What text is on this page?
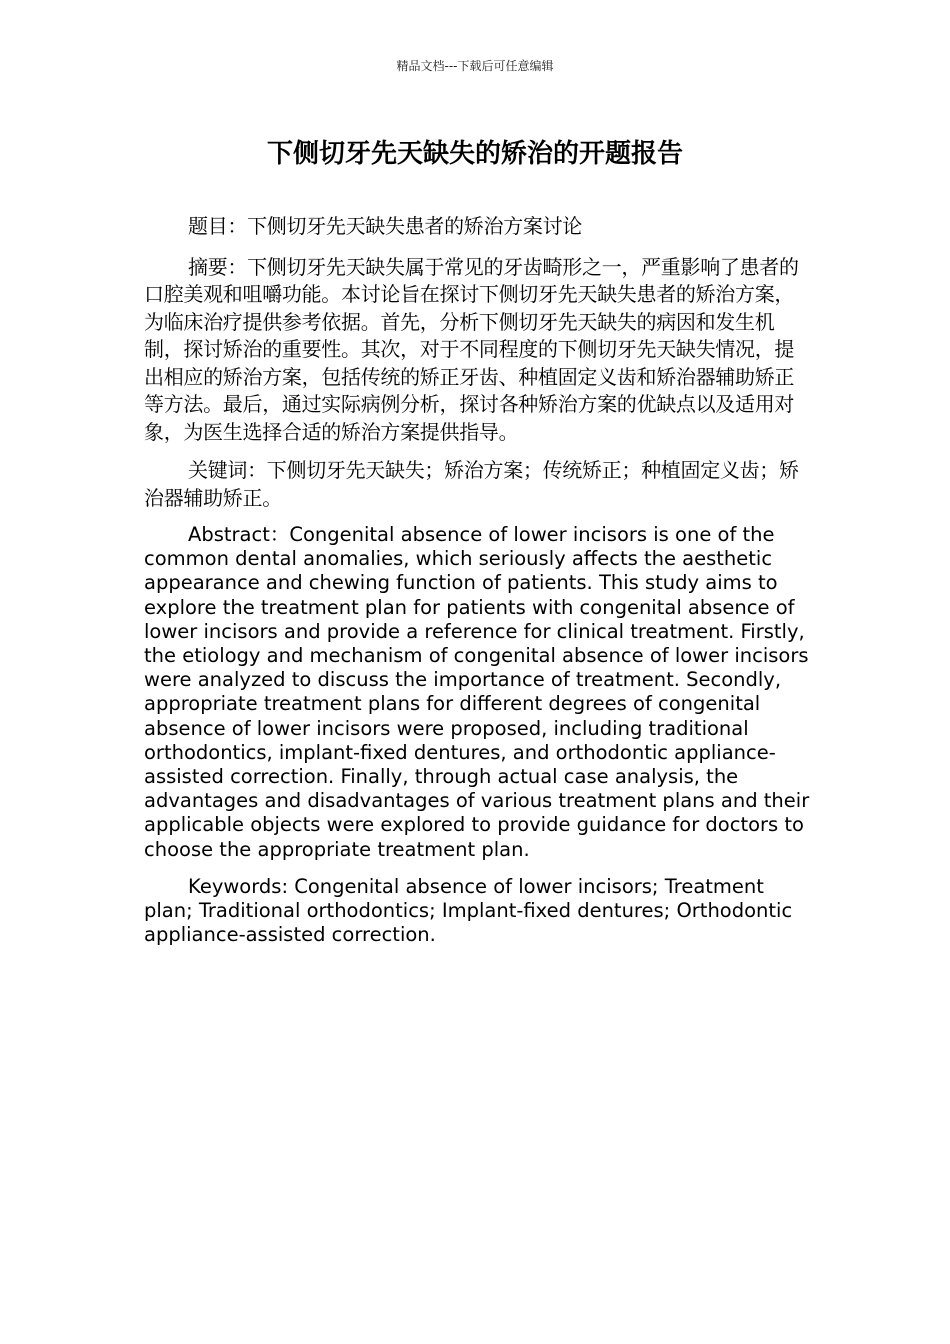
精品文档---下载后可任意编辑
下侧切牙先天缺失的矫治的开题报告

题目：下侧切牙先天缺失患者的矫治方案讨论

摘要：下侧切牙先天缺失属于常见的牙齿畸形之一，严重影响了患者的口腔美观和咀嚼功能。本讨论旨在探讨下侧切牙先天缺失患者的矫治方案，为临床治疗提供参考依据。首先，分析下侧切牙先天缺失的病因和发生机制，探讨矫治的重要性。其次，对于不同程度的下侧切牙先天缺失情况，提出相应的矫治方案，包括传统的矫正牙齿、种植固定义齿和矫治器辅助矫正等方法。最后，通过实际病例分析，探讨各种矫治方案的优缺点以及适用对象，为医生选择合适的矫治方案提供指导。

关键词：下侧切牙先天缺失；矫治方案；传统矫正；种植固定义齿；矫治器辅助矫正。

Abstract：Congenital absence of lower incisors is one of the common dental anomalies, which seriously affects the aesthetic appearance and chewing function of patients. This study aims to explore the treatment plan for patients with congenital absence of lower incisors and provide a reference for clinical treatment. Firstly, the etiology and mechanism of congenital absence of lower incisors were analyzed to discuss the importance of treatment. Secondly, appropriate treatment plans for different degrees of congenital absence of lower incisors were proposed, including traditional orthodontics, implant-fixed dentures, and orthodontic appliance-assisted correction. Finally, through actual case analysis, the advantages and disadvantages of various treatment plans and their applicable objects were explored to provide guidance for doctors to choose the appropriate treatment plan.

Keywords: Congenital absence of lower incisors; Treatment plan; Traditional orthodontics; Implant-fixed dentures; Orthodontic appliance-assisted correction.
